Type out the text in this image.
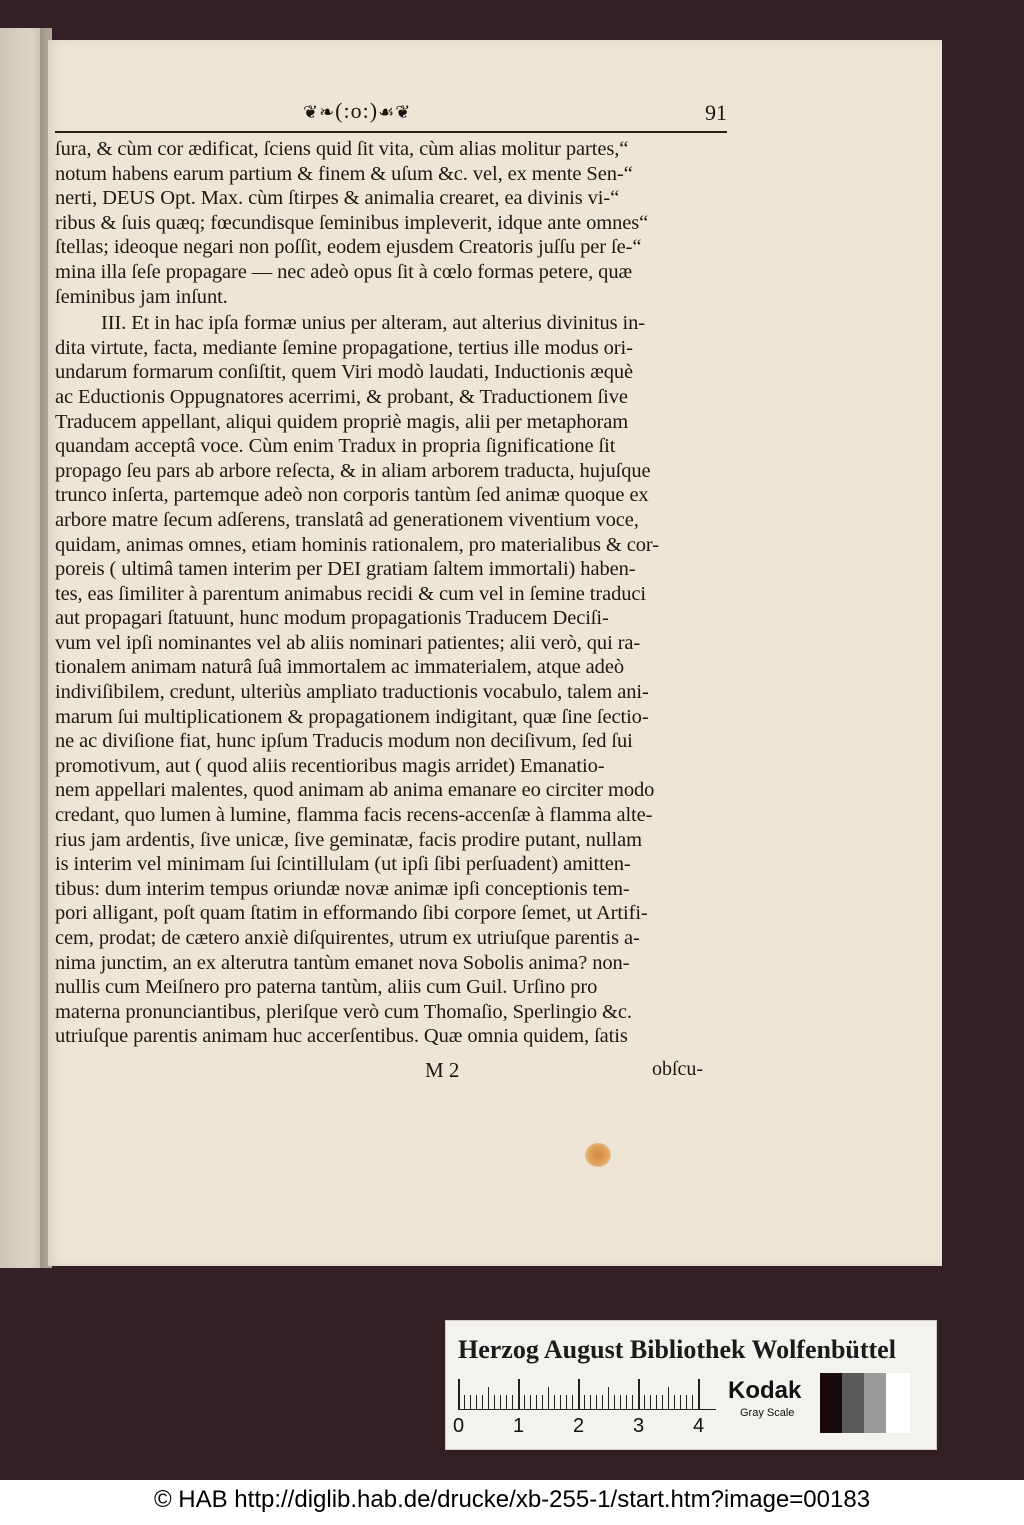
❦❧(:o:)☙❦	91
ſura, & cùm cor ædificat, ſciens quid ſit vita, cùm alias molitur partes,“
notum habens earum partium & finem & uſum &c. vel, ex mente Sen-“
nerti, DEUS Opt. Max. cùm ſtirpes & animalia crearet, ea divinis vi-“
ribus & ſuis quæq; fœcundisque ſeminibus impleverit, idque ante omnes“
ſtellas; ideoque negari non poſſit, eodem ejusdem Creatoris juſſu per ſe-“
mina illa ſeſe propagare — nec adeò opus ſit à cœlo formas petere, quæ
ſeminibus jam inſunt.
III. Et in hac ipſa formæ unius per alteram, aut alterius divinitus in-
dita virtute, facta, mediante ſemine propagatione, tertius ille modus ori-
undarum formarum conſiſtit, quem Viri modò laudati, Inductionis æquè
ac Eductionis Oppugnatores acerrimi, & probant, & Traductionem ſive
Traducem appellant, aliqui quidem propriè magis, alii per metaphoram
quandam acceptâ voce. Cùm enim Tradux in propria ſignificatione ſit
propago ſeu pars ab arbore reſecta, & in aliam arborem traducta, hujuſque
trunco inſerta, partemque adeò non corporis tantùm ſed animæ quoque ex
arbore matre ſecum adſerens, translatâ ad generationem viventium voce,
quidam, animas omnes, etiam hominis rationalem, pro materialibus & cor-
poreis ( ultimâ tamen interim per DEI gratiam ſaltem immortali) haben-
tes, eas ſimiliter à parentum animabus recidi & cum vel in ſemine traduci
aut propagari ſtatuunt, hunc modum propagationis Traducem Deciſi-
vum vel ipſi nominantes vel ab aliis nominari patientes; alii verò, qui ra-
tionalem animam naturâ ſuâ immortalem ac immaterialem, atque adeò
indiviſibilem, credunt, ulteriùs ampliato traductionis vocabulo, talem ani-
marum ſui multiplicationem & propagationem indigitant, quæ ſine ſectio-
ne ac diviſione fiat, hunc ipſum Traducis modum non deciſivum, ſed ſui
promotivum, aut ( quod aliis recentioribus magis arridet) Emanatio-
nem appellari malentes, quod animam ab anima emanare eo circiter modo
credant, quo lumen à lumine, flamma facis recens-accenſæ à flamma alte-
rius jam ardentis, ſive unicæ, ſive geminatæ, facis prodire putant, nullam
is interim vel minimam ſui ſcintillulam (ut ipſi ſibi perſuadent) amitten-
tibus: dum interim tempus oriundæ novæ animæ ipſi conceptionis tem-
pori alligant, poſt quam ſtatim in efformando ſibi corpore ſemet, ut Artifi-
cem, prodat; de cætero anxiè diſquirentes, utrum ex utriuſque parentis a-
nima junctim, an ex alterutra tantùm emanet nova Sobolis anima? non-
nullis cum Meiſnero pro paterna tantùm, aliis cum Guil. Urſino pro
materna pronunciantibus, pleriſque verò cum Thomaſio, Sperlingio &c.
utriuſque parentis animam huc accerſentibus. Quæ omnia quidem, ſatis
M 2	obſcu-
Herzog August Bibliothek Wolfenbüttel
0 1 2 3 4
Kodak
Gray Scale
© HAB http://diglib.hab.de/drucke/xb-255-1/start.htm?image=00183
